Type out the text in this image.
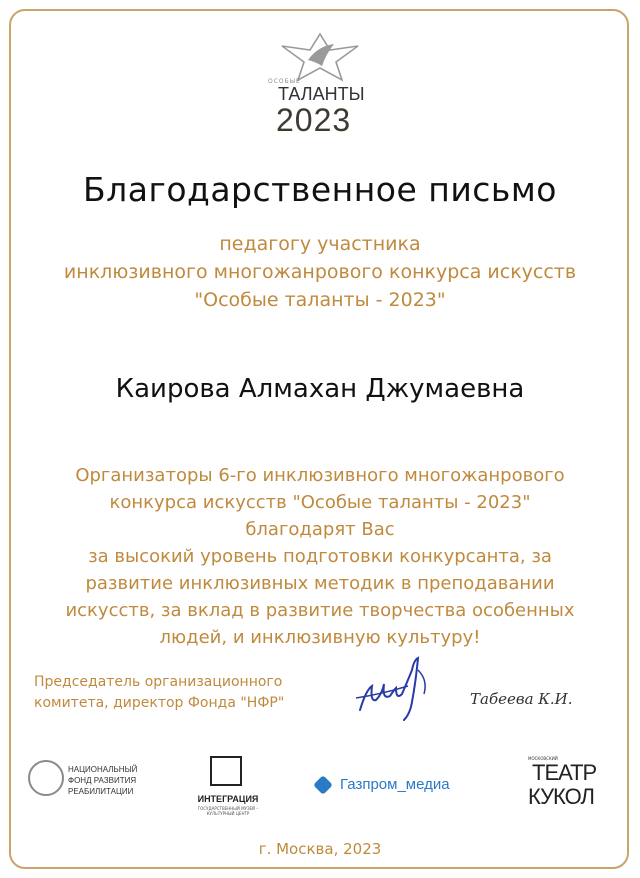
ОСОБЫЕ
ТАЛАНТЫ
2023
Благодарственное письмо
педагогу участника
инклюзивного многожанрового конкурса искусств
"Особые таланты - 2023"
Каирова Алмахан Джумаевна
Организаторы 6-го инклюзивного многожанрового
конкурса искусств "Особые таланты - 2023"
благодарят Вас
за высокий уровень подготовки конкурсанта, за
развитие инклюзивных методик в преподавании
искусств, за вклад в развитие творчества особенных
людей, и инклюзивную культуру!
Председатель организационного
комитета, директор Фонда "НФР"	Табеева К.И.
НАЦИОНАЛЬНЫЙ
ФОНД РАЗВИТИЯ
РЕАБИЛИТАЦИИ
ИНТЕГРАЦИЯ
ГОСУДАРСТВЕННЫЙ МУЗЕЙ – КУЛЬТУРНЫЙ ЦЕНТР
Газпром_медиа
МОСКОВСКИЙ
ТЕАТР
КУКОЛ
г. Москва, 2023
